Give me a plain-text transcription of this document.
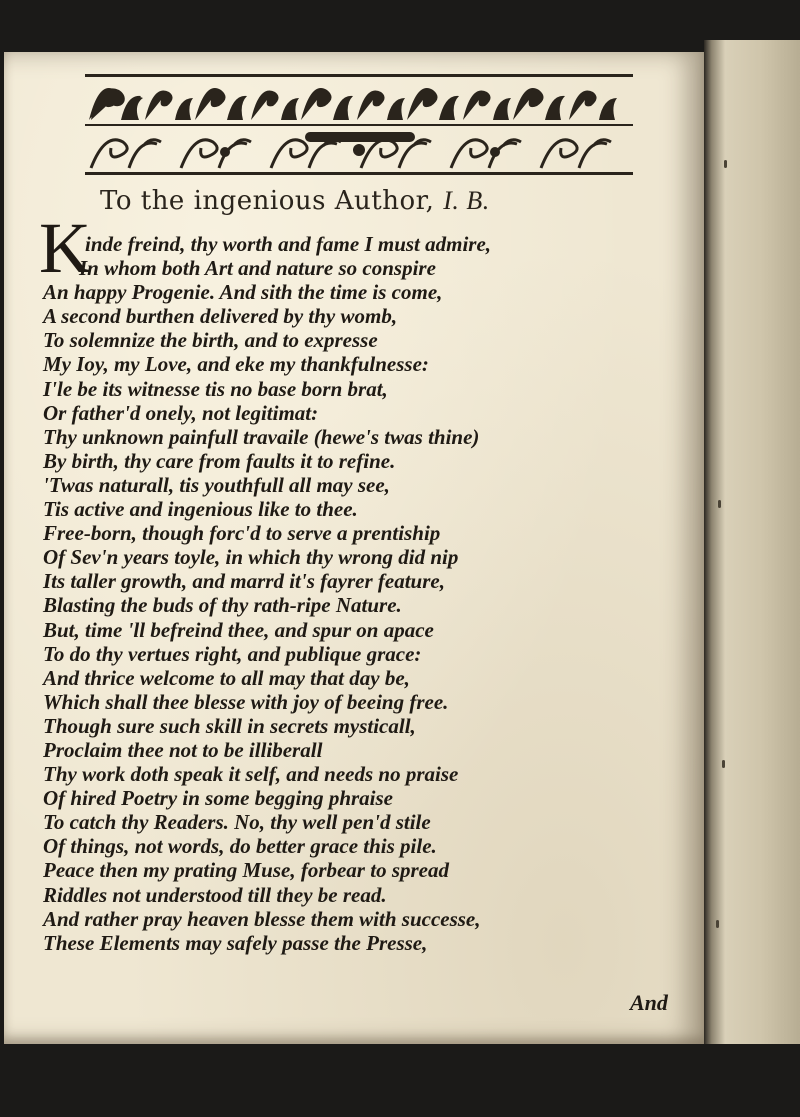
To the ingenious Author, I. B.
K
inde freind, thy worth and fame I must admire,
In whom both Art and nature so conspire
An happy Progenie. And sith the time is come,
A second burthen delivered by thy womb,
To solemnize the birth, and to expresse
My Ioy, my Love, and eke my thankfulnesse:
I'le be its witnesse tis no base born brat,
Or father'd onely, not legitimat:
Thy unknown painfull travaile (hewe's twas thine)
By birth, thy care from faults it to refine.
'Twas naturall, tis youthfull all may see,
Tis active and ingenious like to thee.
Free-born, though forc'd to serve a prentiship
Of Sev'n years toyle, in which thy wrong did nip
Its taller growth, and marrd it's fayrer feature,
Blasting the buds of thy rath-ripe Nature.
But, time 'll befreind thee, and spur on apace
To do thy vertues right, and publique grace:
And thrice welcome to all may that day be,
Which shall thee blesse with joy of beeing free.
Though sure such skill in secrets mysticall,
Proclaim thee not to be illiberall
Thy work doth speak it self, and needs no praise
Of hired Poetry in some begging phraise
To catch thy Readers. No, thy well pen'd stile
Of things, not words, do better grace this pile.
Peace then my prating Muse, forbear to spread
Riddles not understood till they be read.
And rather pray heaven blesse them with successe,
These Elements may safely passe the Presse,
And
